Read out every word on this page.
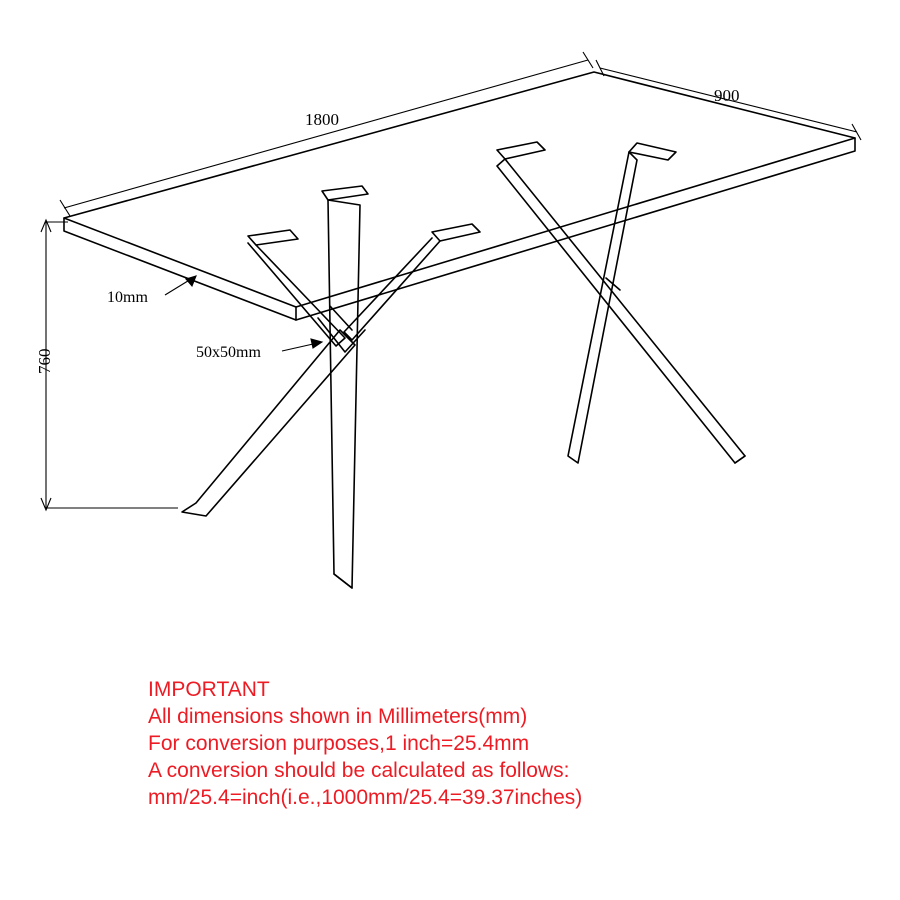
1800
900
760
10mm
50x50mm
IMPORTANT
All dimensions shown in Millimeters(mm)
For conversion purposes,1 inch=25.4mm
A conversion should be calculated as follows:
mm/25.4=inch(i.e.,1000mm/25.4=39.37inches)
